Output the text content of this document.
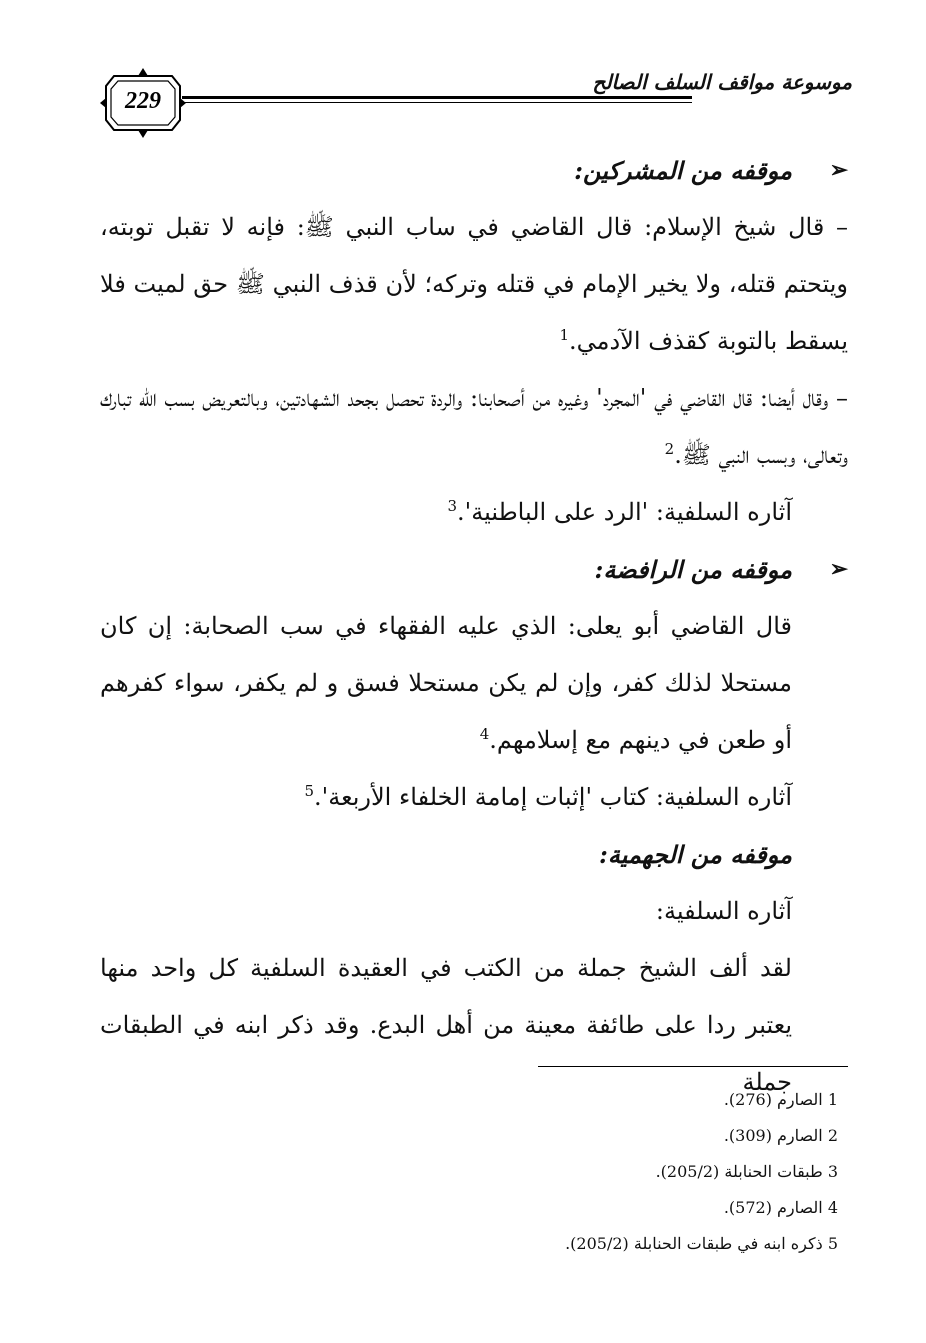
229
موسوعة مواقف السلف الصالح

➢
موقفه من المشركين:

– قال شيخ الإسلام: قال القاضي في ساب النبي ﷺ: فإنه لا تقبل توبته، ويتحتم قتله، ولا يخير الإمام في قتله وتركه؛ لأن قذف النبي ﷺ حق لميت فلا يسقط بالتوبة كقذف الآدمي.$^1$

– وقال أيضا: قال القاضي في 'المجرد' وغيره من أصحابنا: والردة تحصل بجحد الشهادتين، وبالتعريض بسب الله تبارك وتعالى، وبسب النبي ﷺ.$^2$

آثاره السلفية: 'الرد على الباطنية'.$^3$

➢
موقفه من الرافضة:

قال القاضي أبو يعلى: الذي عليه الفقهاء في سب الصحابة: إن كان مستحلا لذلك كفر، وإن لم يكن مستحلا فسق و لم يكفر، سواء كفرهم أو طعن في دينهم مع إسلامهم.$^4$

آثاره السلفية: كتاب 'إثبات إمامة الخلفاء الأربعة'.$^5$

موقفه من الجهمية:

آثاره السلفية:

لقد ألف الشيخ جملة من الكتب في العقيدة السلفية كل واحد منها يعتبر ردا على طائفة معينة من أهل البدع. وقد ذكر ابنه في الطبقات جملة

1 الصارم (276).
2 الصارم (309).
3 طبقات الحنابلة (205/2).
4 الصارم (572).
5 ذكره ابنه في طبقات الحنابلة (205/2).
